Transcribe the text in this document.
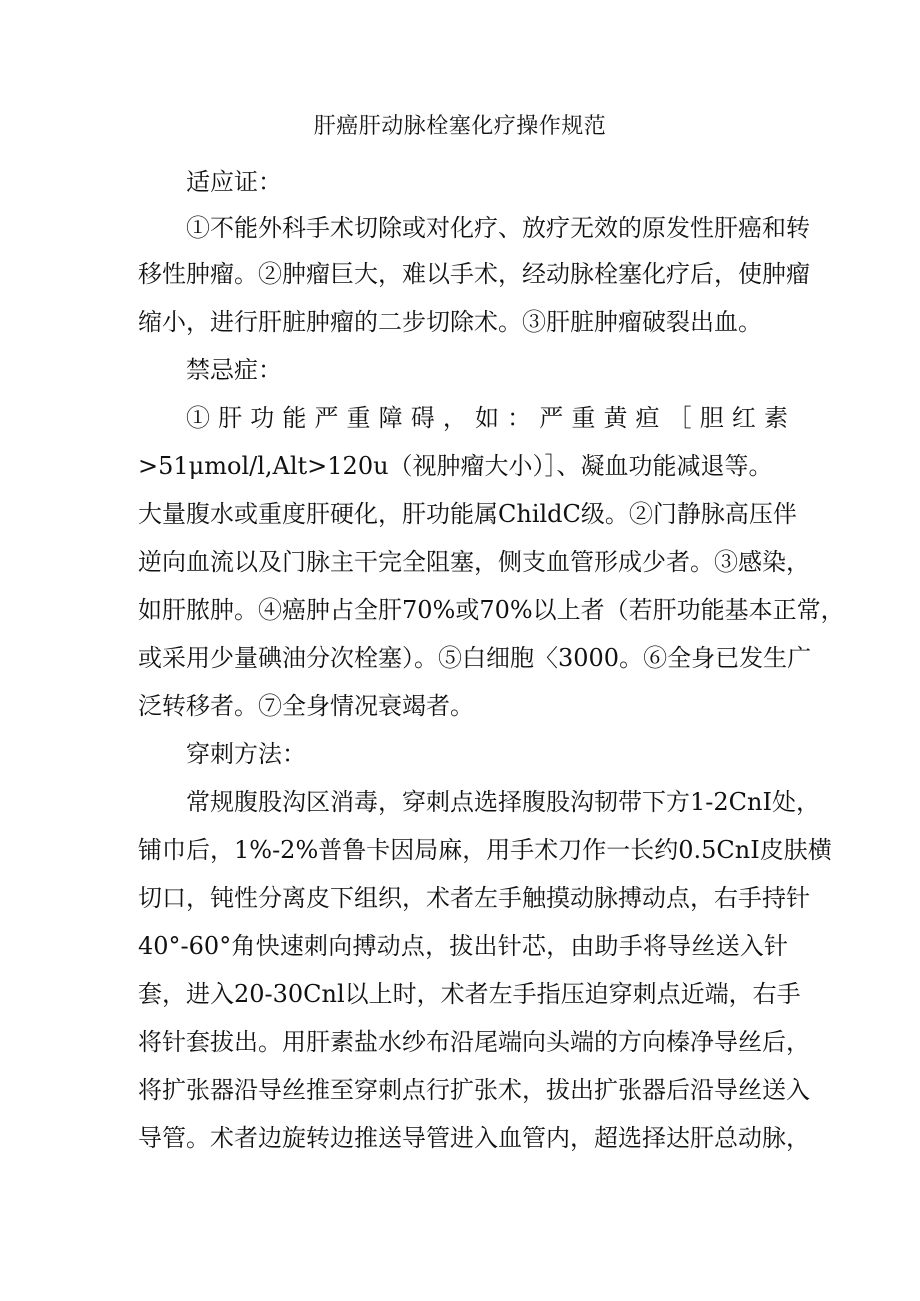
肝癌肝动脉栓塞化疗操作规范
适应证：
①不能外科手术切除或对化疗、放疗无效的原发性肝癌和转
移性肿瘤。②肿瘤巨大，难以手术，经动脉栓塞化疗后，使肿瘤
缩小，进行肝脏肿瘤的二步切除术。③肝脏肿瘤破裂出血。
禁忌症：
①肝功能严重障碍，如：严重黄疸［胆红素
>51μmol/l,Alt>120u（视肿瘤大小）］、凝血功能减退等。
大量腹水或重度肝硬化，肝功能属ChildC级。②门静脉高压伴
逆向血流以及门脉主干完全阻塞，侧支血管形成少者。③感染，
如肝脓肿。④癌肿占全肝70%或70%以上者（若肝功能基本正常，
或采用少量碘油分次栓塞）。⑤白细胞〈3000。⑥全身已发生广
泛转移者。⑦全身情况衰竭者。
穿刺方法：
常规腹股沟区消毒，穿刺点选择腹股沟韧带下方1-2CnI处，
铺巾后，1%-2%普鲁卡因局麻，用手术刀作一长约0.5CnI皮肤横
切口，钝性分离皮下组织，术者左手触摸动脉搏动点，右手持针
40°-60°角快速刺向搏动点，拔出针芯，由助手将导丝送入针
套，进入20-30Cnl以上时，术者左手指压迫穿刺点近端，右手
将针套拔出。用肝素盐水纱布沿尾端向头端的方向榛净导丝后，
将扩张器沿导丝推至穿刺点行扩张术，拔出扩张器后沿导丝送入
导管。术者边旋转边推送导管进入血管内，超选择达肝总动脉，
